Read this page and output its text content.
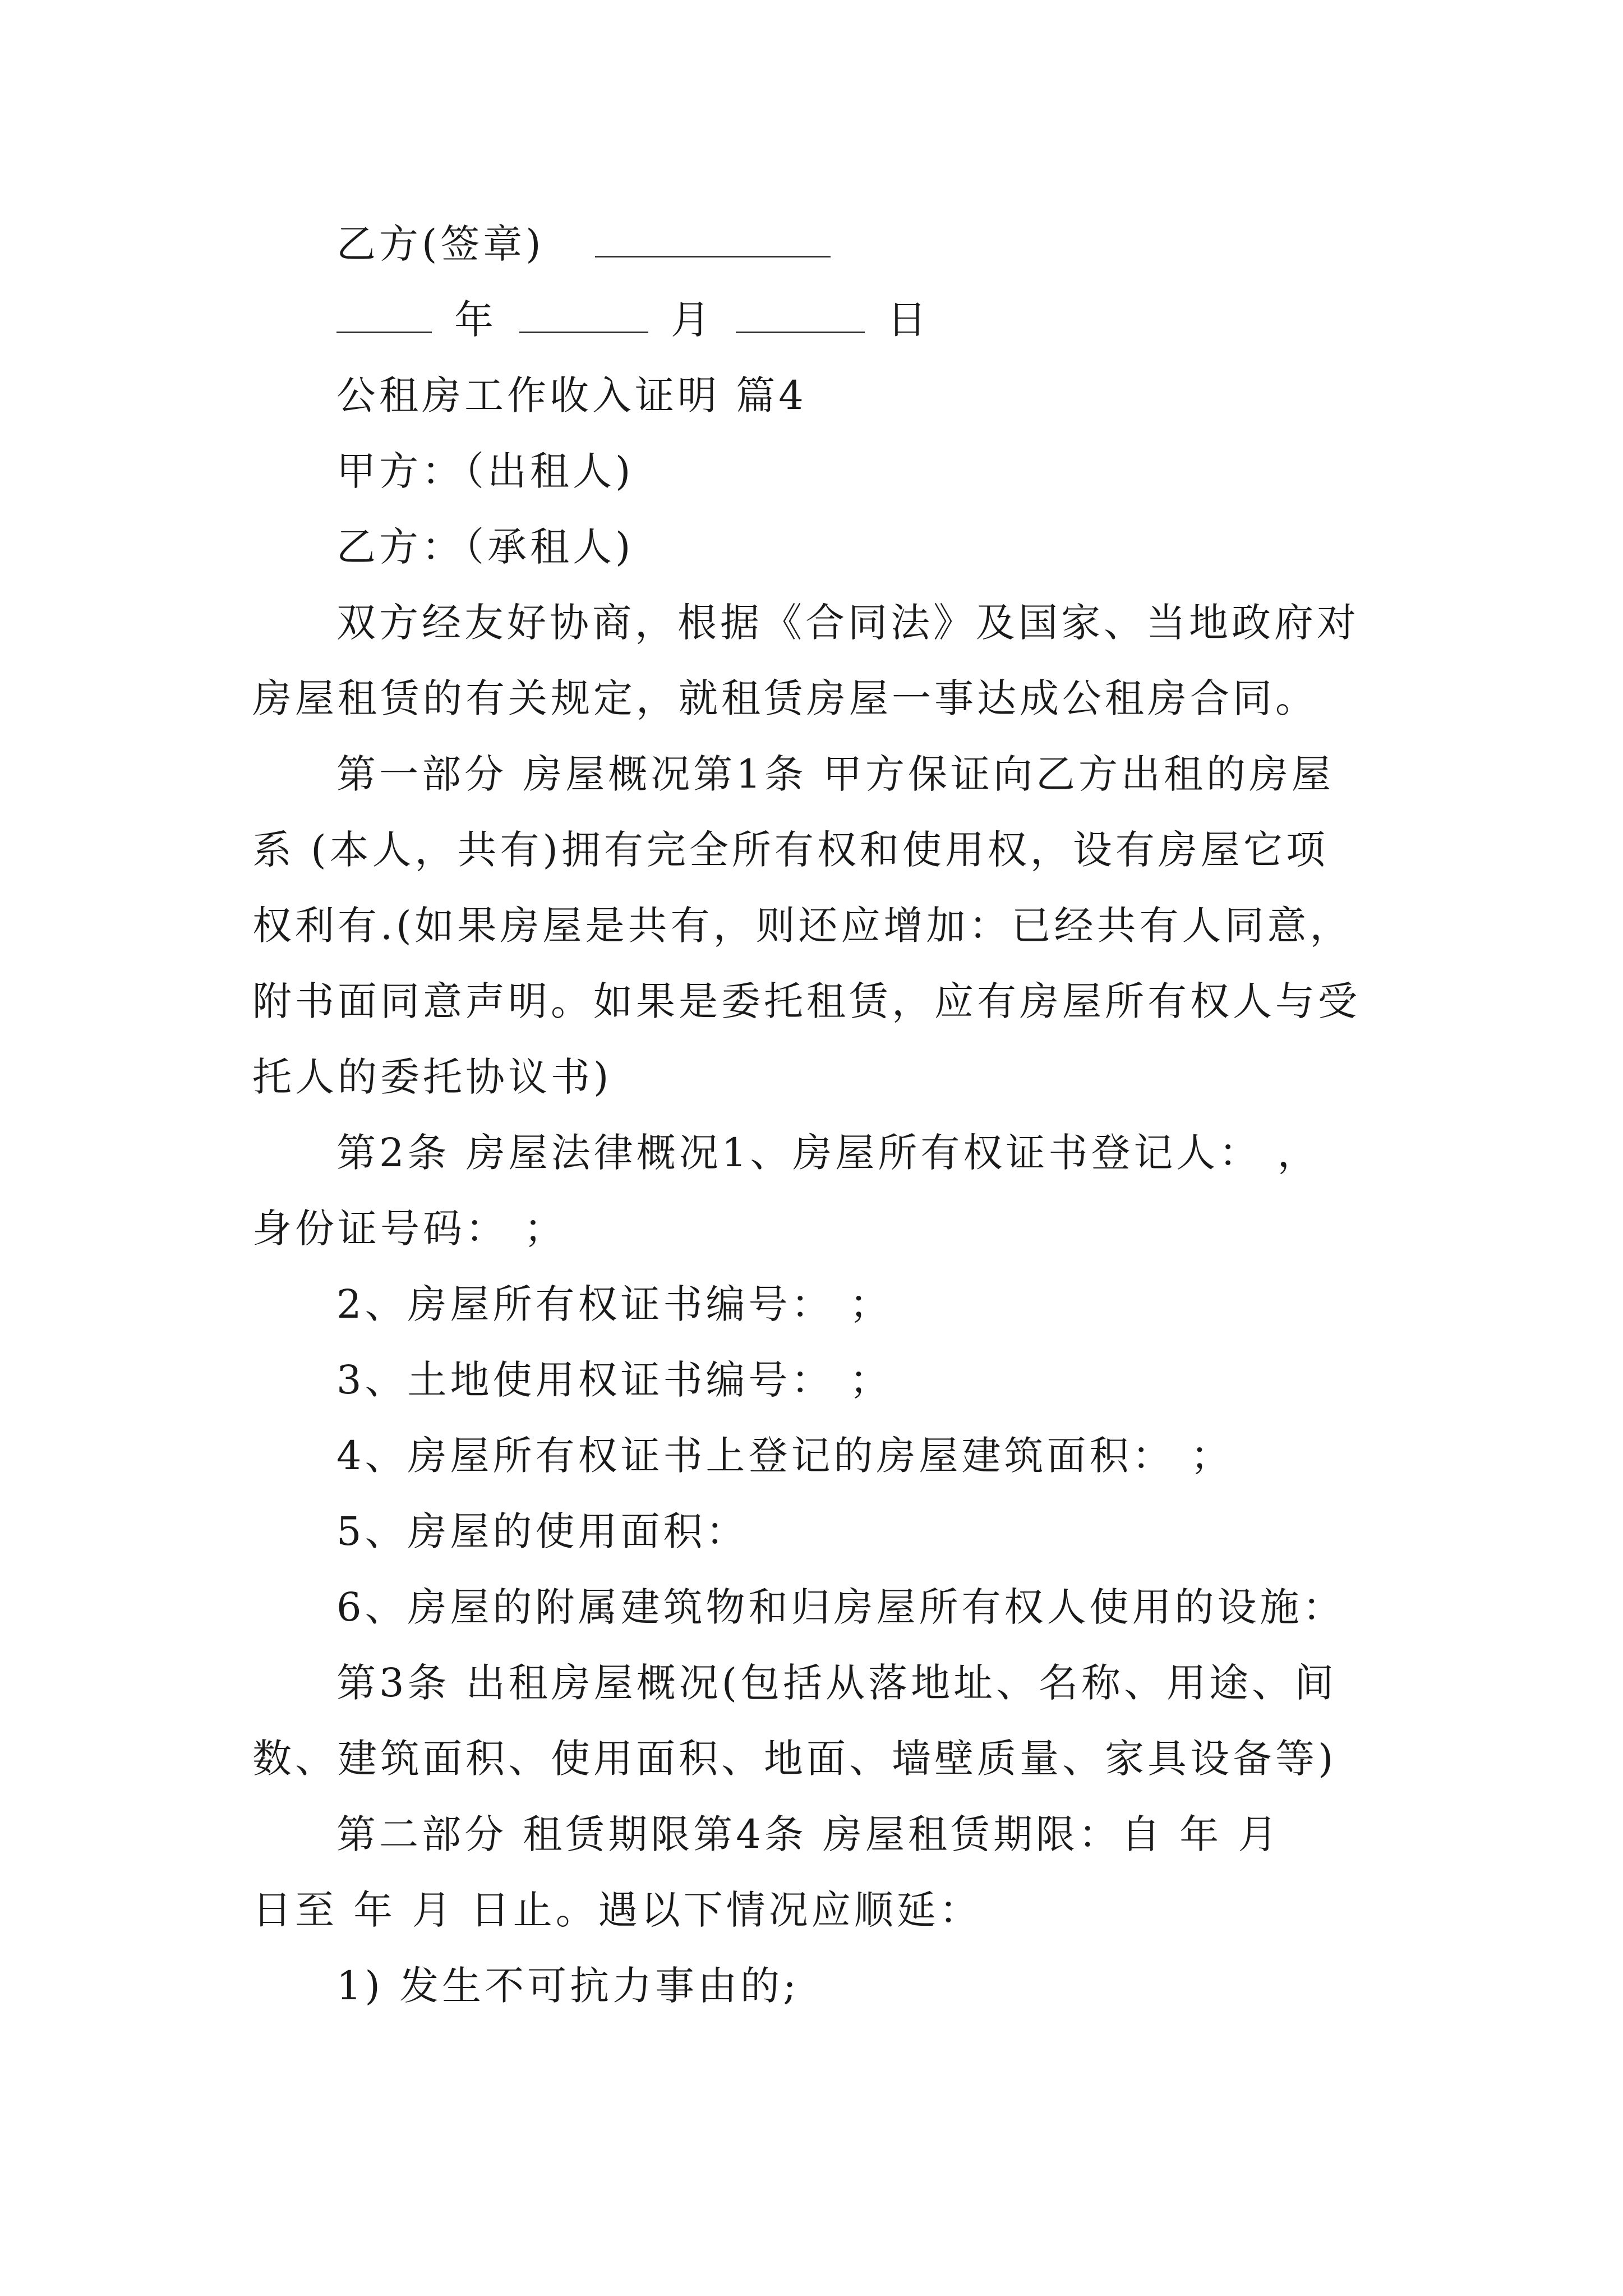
乙方(签章)
年	月	日
公租房工作收入证明 篇4
甲方：（出租人)
乙方：（承租人)
双方经友好协商，根据《合同法》及国家、当地政府对
房屋租赁的有关规定，就租赁房屋一事达成公租房合同。
第一部分 房屋概况第1条 甲方保证向乙方出租的房屋
系 (本人，共有)拥有完全所有权和使用权，设有房屋它项
权利有.(如果房屋是共有，则还应增加：已经共有人同意，
附书面同意声明。如果是委托租赁，应有房屋所有权人与受
托人的委托协议书)
第2条 房屋法律概况1、房屋所有权证书登记人： ，
身份证号码： ；
2、房屋所有权证书编号： ；
3、土地使用权证书编号： ；
4、房屋所有权证书上登记的房屋建筑面积： ；
5、房屋的使用面积：
6、房屋的附属建筑物和归房屋所有权人使用的设施：
第3条 出租房屋概况(包括从落地址、名称、用途、间
数、建筑面积、使用面积、地面、墙壁质量、家具设备等)
第二部分 租赁期限第4条 房屋租赁期限：自 年 月
日至 年 月 日止。遇以下情况应顺延：
1) 发生不可抗力事由的;
